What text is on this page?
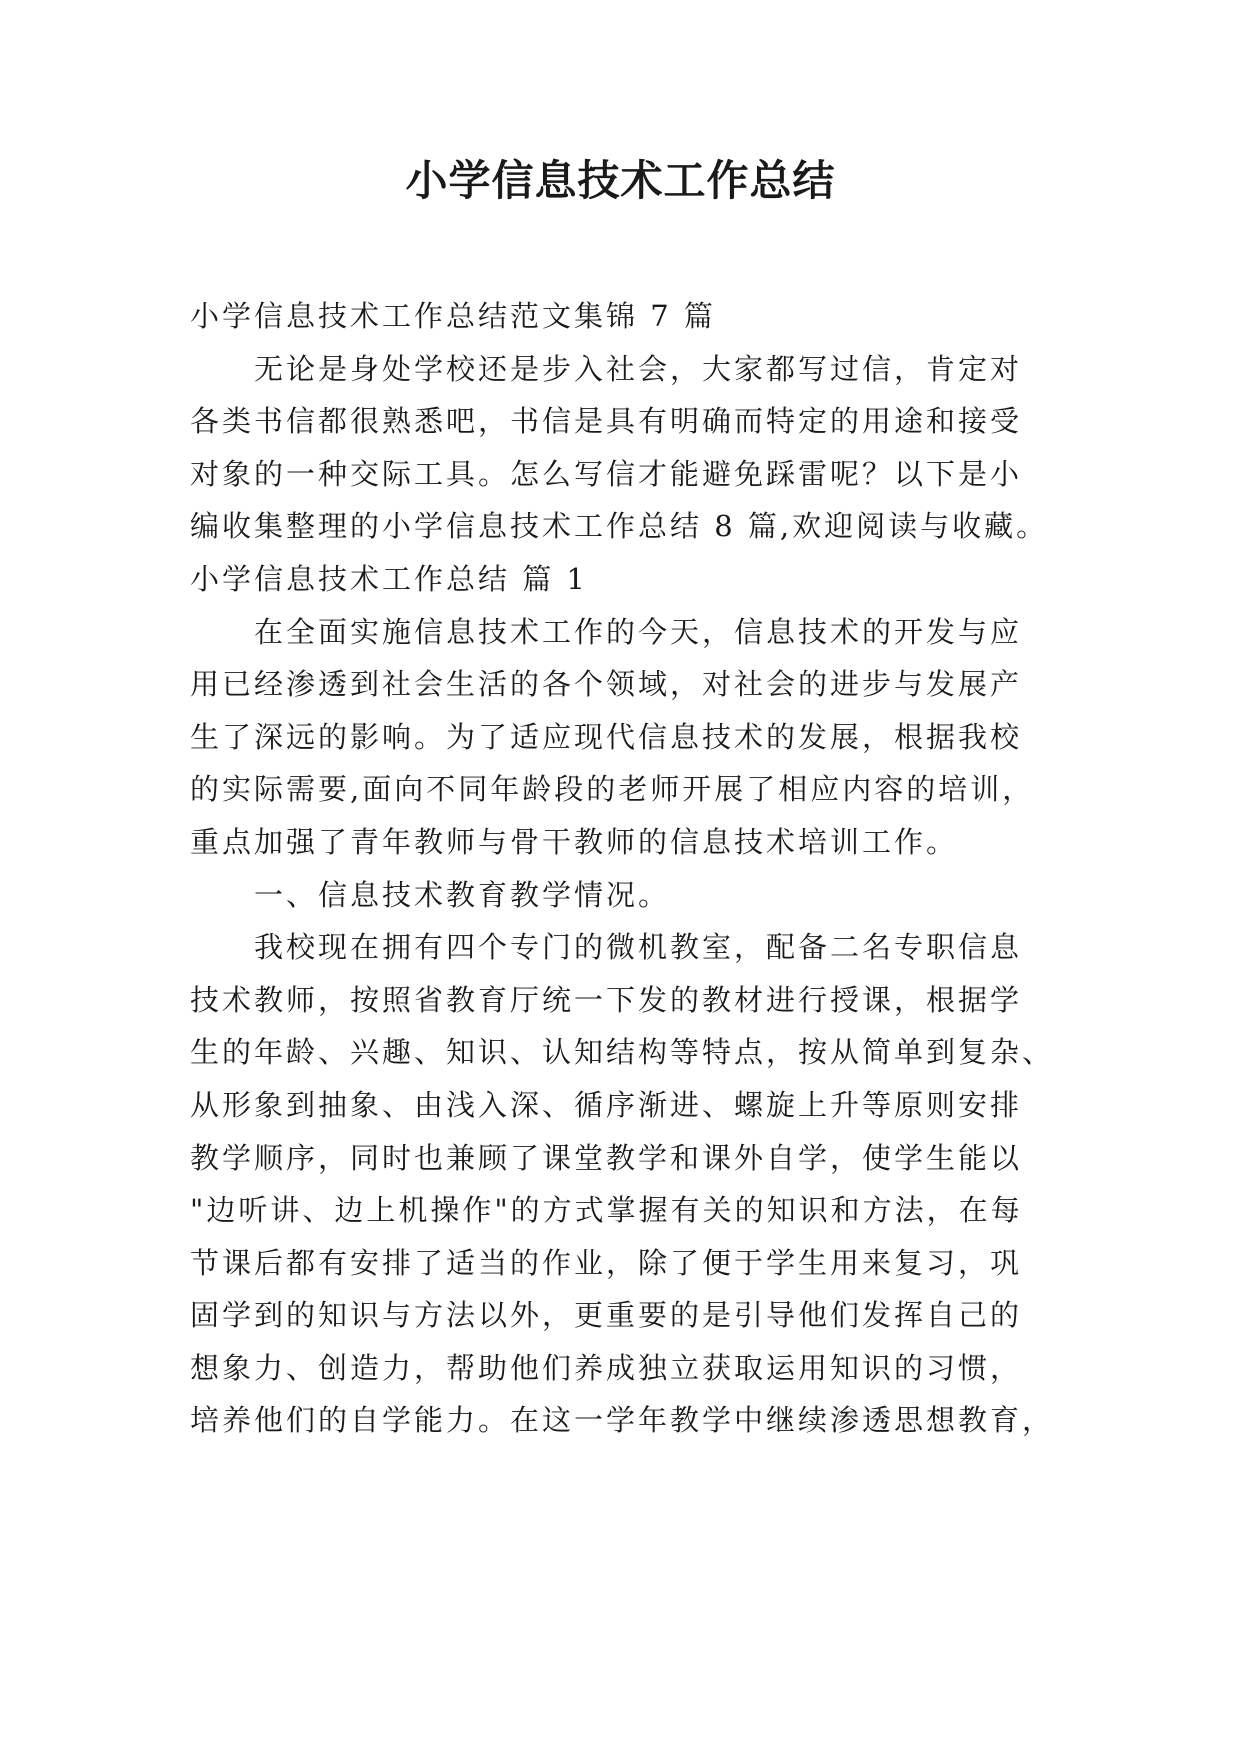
小学信息技术工作总结
小学信息技术工作总结范文集锦 7 篇
无论是身处学校还是步入社会，大家都写过信，肯定对
各类书信都很熟悉吧，书信是具有明确而特定的用途和接受
对象的一种交际工具。怎么写信才能避免踩雷呢？以下是小
编收集整理的小学信息技术工作总结 8 篇,欢迎阅读与收藏。
小学信息技术工作总结 篇 1
在全面实施信息技术工作的今天，信息技术的开发与应
用已经渗透到社会生活的各个领域，对社会的进步与发展产
生了深远的影响。为了适应现代信息技术的发展，根据我校
的实际需要,面向不同年龄段的老师开展了相应内容的培训，
重点加强了青年教师与骨干教师的信息技术培训工作。
一、信息技术教育教学情况。
我校现在拥有四个专门的微机教室，配备二名专职信息
技术教师，按照省教育厅统一下发的教材进行授课，根据学
生的年龄、兴趣、知识、认知结构等特点，按从简单到复杂、
从形象到抽象、由浅入深、循序渐进、螺旋上升等原则安排
教学顺序，同时也兼顾了课堂教学和课外自学，使学生能以
"边听讲、边上机操作"的方式掌握有关的知识和方法，在每
节课后都有安排了适当的作业，除了便于学生用来复习，巩
固学到的知识与方法以外，更重要的是引导他们发挥自己的
想象力、创造力，帮助他们养成独立获取运用知识的习惯，
培养他们的自学能力。在这一学年教学中继续渗透思想教育，
